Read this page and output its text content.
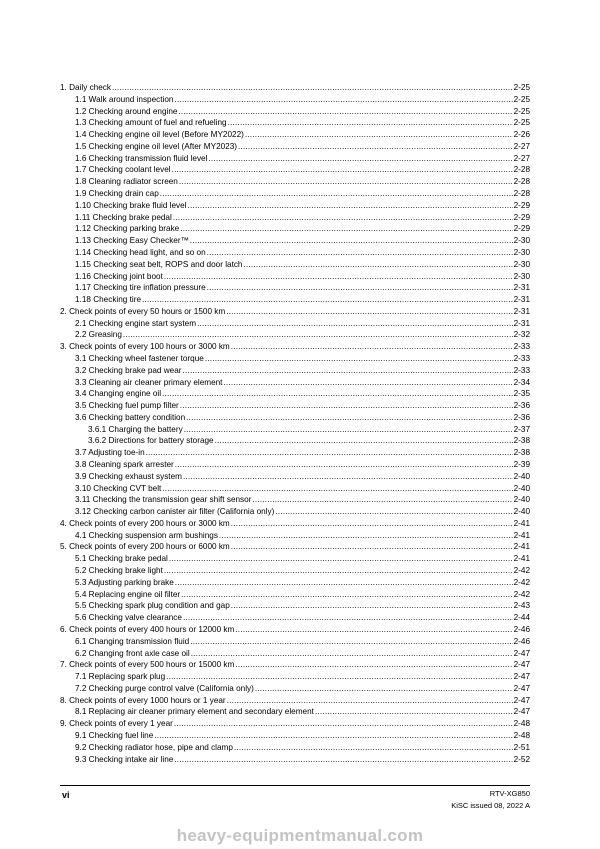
1. Daily check .....	2-25
1.1 Walk around inspection .....	2-25
1.2 Checking around engine .....	2-25
1.3 Checking amount of fuel and refueling .....	2-25
1.4 Checking engine oil level (Before MY2022) .....	2-26
1.5 Checking engine oil level (After MY2023) .....	2-27
1.6 Checking transmission fluid level .....	2-27
1.7 Checking coolant level .....	2-28
1.8 Cleaning radiator screen .....	2-28
1.9 Checking drain cap .....	2-28
1.10 Checking brake fluid level .....	2-29
1.11 Checking brake pedal .....	2-29
1.12 Checking parking brake .....	2-29
1.13 Checking Easy Checker™ .....	2-30
1.14 Checking head light, and so on .....	2-30
1.15 Checking seat belt, ROPS and door latch .....	2-30
1.16 Checking joint boot .....	2-30
1.17 Checking tire inflation pressure .....	2-31
1.18 Checking tire .....	2-31
2. Check points of every 50 hours or 1500 km .....	2-31
2.1 Checking engine start system .....	2-31
2.2 Greasing .....	2-32
3. Check points of every 100 hours or 3000 km .....	2-33
3.1 Checking wheel fastener torque .....	2-33
3.2 Checking brake pad wear .....	2-33
3.3 Cleaning air cleaner primary element .....	2-34
3.4 Changing engine oil .....	2-35
3.5 Checking fuel pump filter .....	2-36
3.6 Checking battery condition .....	2-36
3.6.1 Charging the battery .....	2-37
3.6.2 Directions for battery storage .....	2-38
3.7 Adjusting toe-in .....	2-38
3.8 Cleaning spark arrester .....	2-39
3.9 Checking exhaust system .....	2-40
3.10 Checking CVT belt .....	2-40
3.11 Checking the transmission gear shift sensor .....	2-40
3.12 Checking carbon canister air filter (California only) .....	2-40
4. Check points of every 200 hours or 3000 km .....	2-41
4.1 Checking suspension arm bushings .....	2-41
5. Check points of every 200 hours or 6000 km .....	2-41
5.1 Checking brake pedal .....	2-41
5.2 Checking brake light .....	2-42
5.3 Adjusting parking brake .....	2-42
5.4 Replacing engine oil filter .....	2-42
5.5 Checking spark plug condition and gap .....	2-43
5.6 Checking valve clearance .....	2-44
6. Check points of every 400 hours or 12000 km .....	2-46
6.1 Changing transmission fluid .....	2-46
6.2 Changing front axle case oil .....	2-47
7. Check points of every 500 hours or 15000 km .....	2-47
7.1 Replacing spark plug .....	2-47
7.2 Checking purge control valve (California only) .....	2-47
8. Check points of every 1000 hours or 1 year .....	2-47
8.1 Replacing air cleaner primary element and secondary element .....	2-47
9. Check points of every 1 year .....	2-48
9.1 Checking fuel line .....	2-48
9.2 Checking radiator hose, pipe and clamp .....	2-51
9.3 Checking intake air line .....	2-52
vi	RTV-XG850
KiSC issued 08, 2022 A
heavy-equipmentmanual.com
